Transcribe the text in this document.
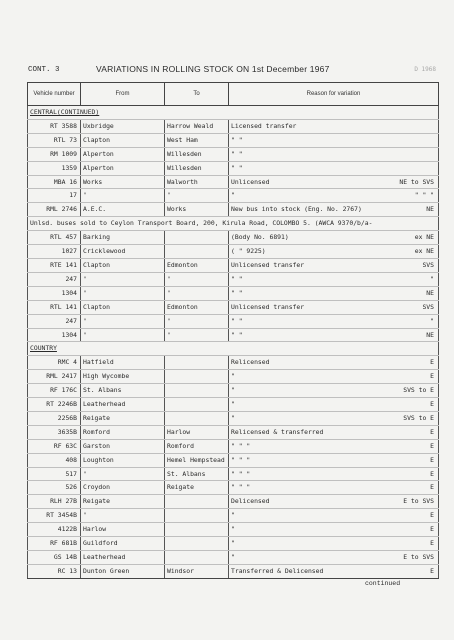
CONT. 3	VARIATIONS IN ROLLING STOCK ON 1st December 1967	D 1968
Vehicle number	From	To	Reason for variation
CENTRAL(CONTINUED)			
RT 3588	Uxbridge	Harrow Weald	Licensed transfer

RTL 73	Clapton	West Ham	" "

RM 1009	Alperton	Willesden	" "

1359	Alperton	Willesden	" "

MBA 16	Works	Walworth	Unlicensed NE to SVS

17	"	"	" " " "

RML 2746	A.E.C.	Works	New bus into stock (Eng. No. 2767) NE

Unlsd. buses sold to Ceylon Transport Board, 200, Kirula Road, COLOMBO 5. (AWCA 9370/b/a-			
RTL 457	Barking		(Body No. 6891) ex NE

1027	Cricklewood		( " 9225) ex NE

RTE 141	Clapton	Edmonton	Unlicensed transfer SVS

247	"	"	" " "

1304	"	"	" " NE

RTL 141	Clapton	Edmonton	Unlicensed transfer SVS

247	"	"	" " "

1304	"	"	" " NE

COUNTRY			
RMC 4	Hatfield		Relicensed E

RML 2417	High Wycombe		" E

RF 176C	St. Albans		" SVS to E

RT 2246B	Leatherhead		" E

2256B	Reigate		" SVS to E

3635B	Romford	Harlow	Relicensed & transferred E

RF 63C	Garston	Romford	" " " E

408	Loughton	Hemel Hempstead	" " " E

517	"	St. Albans	" " " E

526	Croydon	Reigate	" " " E

RLH 27B	Reigate		Delicensed E to SVS

RT 3454B	"		" E

4122B	Harlow		" E

RF 681B	Guildford		" E

GS 14B	Leatherhead		" E to SVS

RC 13	Dunton Green	Windsor	Transferred & Delicensed E
continued
